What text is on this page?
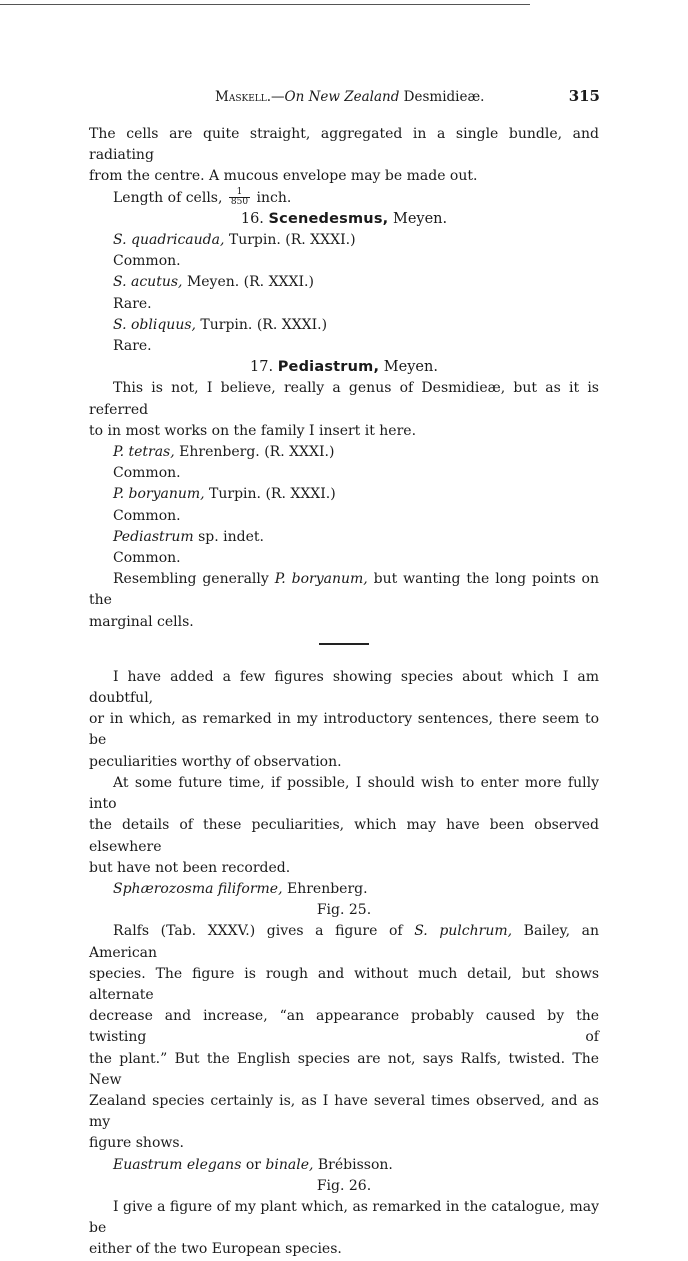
Maskell.—On New Zealand Desmidieæ.	315

The cells are quite straight, aggregated in a single bundle, and radiating

from the centre. A mucous envelope may be made out.

Length of cells, $\frac{1}{850}$ inch.

16. Scenedesmus, Meyen.

S. quadricauda, Turpin. (R. XXXI.)

Common.

S. acutus, Meyen. (R. XXXI.)

Rare.

S. obliquus, Turpin. (R. XXXI.)

Rare.

17. Pediastrum, Meyen.

This is not, I believe, really a genus of Desmidieæ, but as it is referred

to in most works on the family I insert it here.

P. tetras, Ehrenberg. (R. XXXI.)

Common.

P. boryanum, Turpin. (R. XXXI.)

Common.

Pediastrum sp. indet.

Common.

Resembling generally P. boryanum, but wanting the long points on the

marginal cells.

I have added a few figures showing species about which I am doubtful,

or in which, as remarked in my introductory sentences, there seem to be

peculiarities worthy of observation.

At some future time, if possible, I should wish to enter more fully into

the details of these peculiarities, which may have been observed elsewhere

but have not been recorded.

Sphærozosma filiforme, Ehrenberg.

Fig. 25.

Ralfs (Tab. XXXV.) gives a figure of S. pulchrum, Bailey, an American

species. The figure is rough and without much detail, but shows alternate

decrease and increase, “an appearance probably caused by the twisting of

the plant.” But the English species are not, says Ralfs, twisted. The New

Zealand species certainly is, as I have several times observed, and as my

figure shows.

Euastrum elegans or binale, Brébisson.

Fig. 26.

I give a figure of my plant which, as remarked in the catalogue, may be

either of the two European species.
